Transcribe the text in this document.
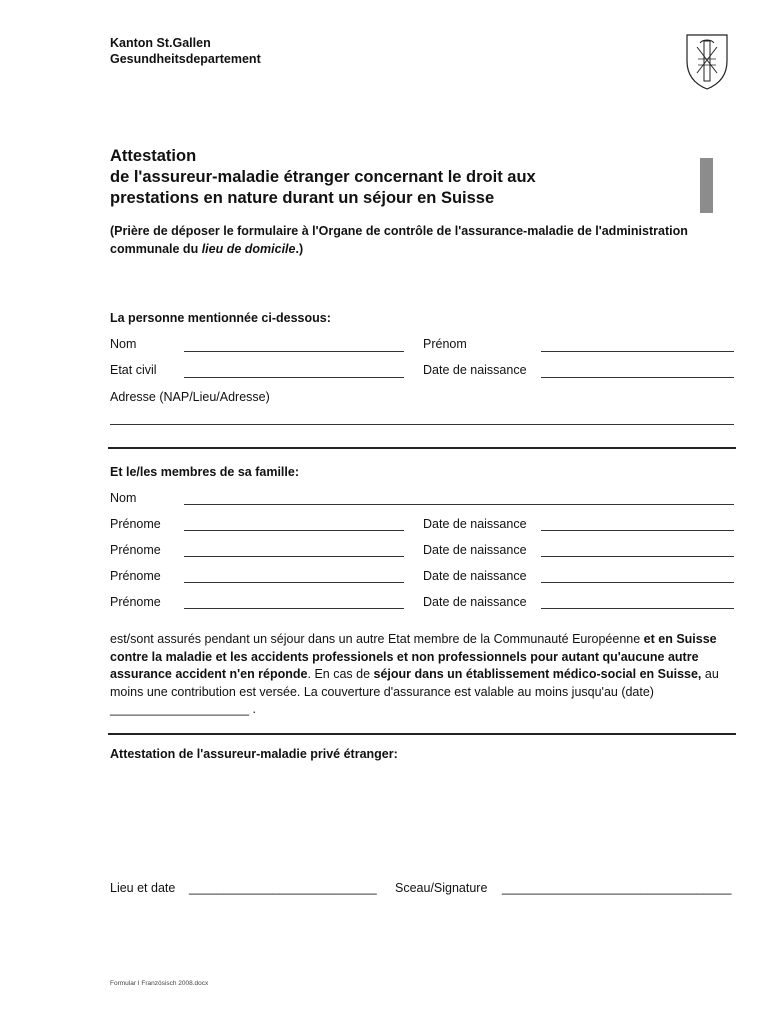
Kanton St.Gallen
Gesundheitsdepartement
Attestation
de l'assureur-maladie étranger concernant le droit aux
prestations en nature durant un séjour en Suisse
(Prière de déposer le formulaire à l'Organe de contrôle de l'assurance-maladie de l'administration communale du lieu de domicile.)
La personne mentionnée ci-dessous:
Nom	Prénom
Etat civil	Date de naissance
Adresse (NAP/Lieu/Adresse)
Et le/les membres de sa famille:
Nom
Prénome	Date de naissance
Prénome	Date de naissance
Prénome	Date de naissance
Prénome	Date de naissance
est/sont assurés pendant un séjour dans un autre Etat membre de la Communauté Européenne et en Suisse contre la maladie et les accidents professionels et non professionnels pour autant qu'aucune autre assurance accident n'en réponde. En cas de séjour dans un établissement médico-social en Suisse, au moins une contribution est versée. La couverture d'assurance est valable au moins jusqu'au (date) ____________________ .
Attestation de l'assureur-maladie privé étranger:
Lieu et date ___________________________ Sceau/Signature _________________________________
Formular I Französisch 2008.docx
